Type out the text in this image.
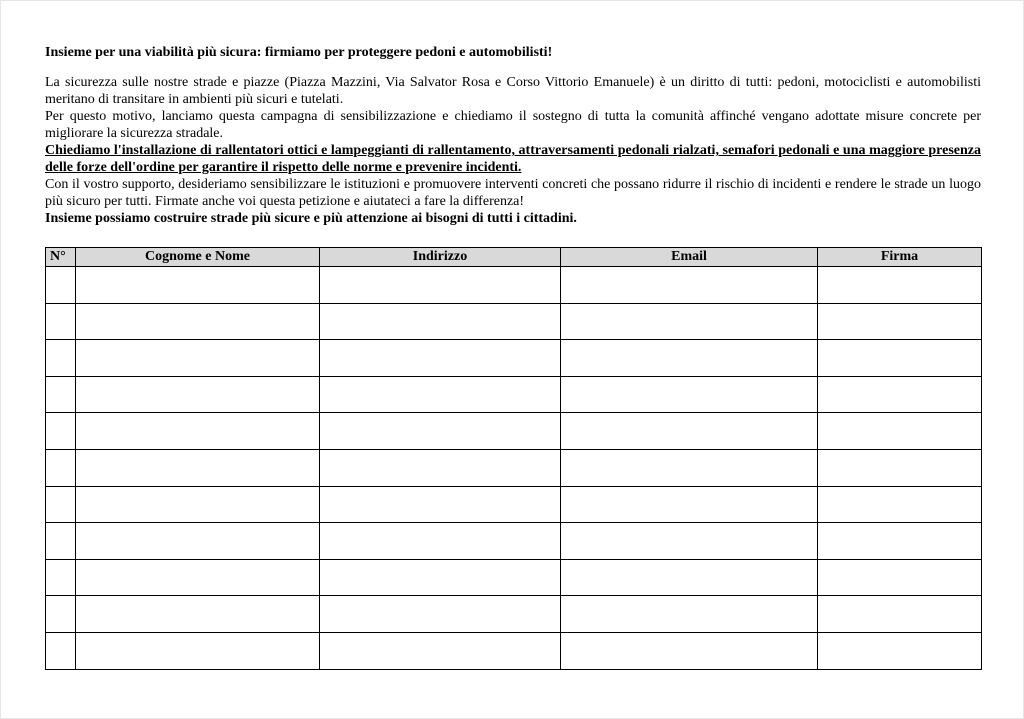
Insieme per una viabilità più sicura: firmiamo per proteggere pedoni e automobilisti!

La sicurezza sulle nostre strade e piazze (Piazza Mazzini, Via Salvator Rosa e Corso Vittorio Emanuele) è un diritto di tutti: pedoni, motociclisti e automobilisti meritano di transitare in ambienti più sicuri e tutelati.

Per questo motivo, lanciamo questa campagna di sensibilizzazione e chiediamo il sostegno di tutta la comunità affinché vengano adottate misure concrete per migliorare la sicurezza stradale.

Chiediamo l'installazione di rallentatori ottici e lampeggianti di rallentamento, attraversamenti pedonali rialzati, semafori pedonali e una maggiore presenza delle forze dell'ordine per garantire il rispetto delle norme e prevenire incidenti.

Con il vostro supporto, desideriamo sensibilizzare le istituzioni e promuovere interventi concreti che possano ridurre il rischio di incidenti e rendere le strade un luogo più sicuro per tutti. Firmate anche voi questa petizione e aiutateci a fare la differenza!

Insieme possiamo costruire strade più sicure e più attenzione ai bisogni di tutti i cittadini.

N°	Cognome e Nome	Indirizzo	Email	Firma
